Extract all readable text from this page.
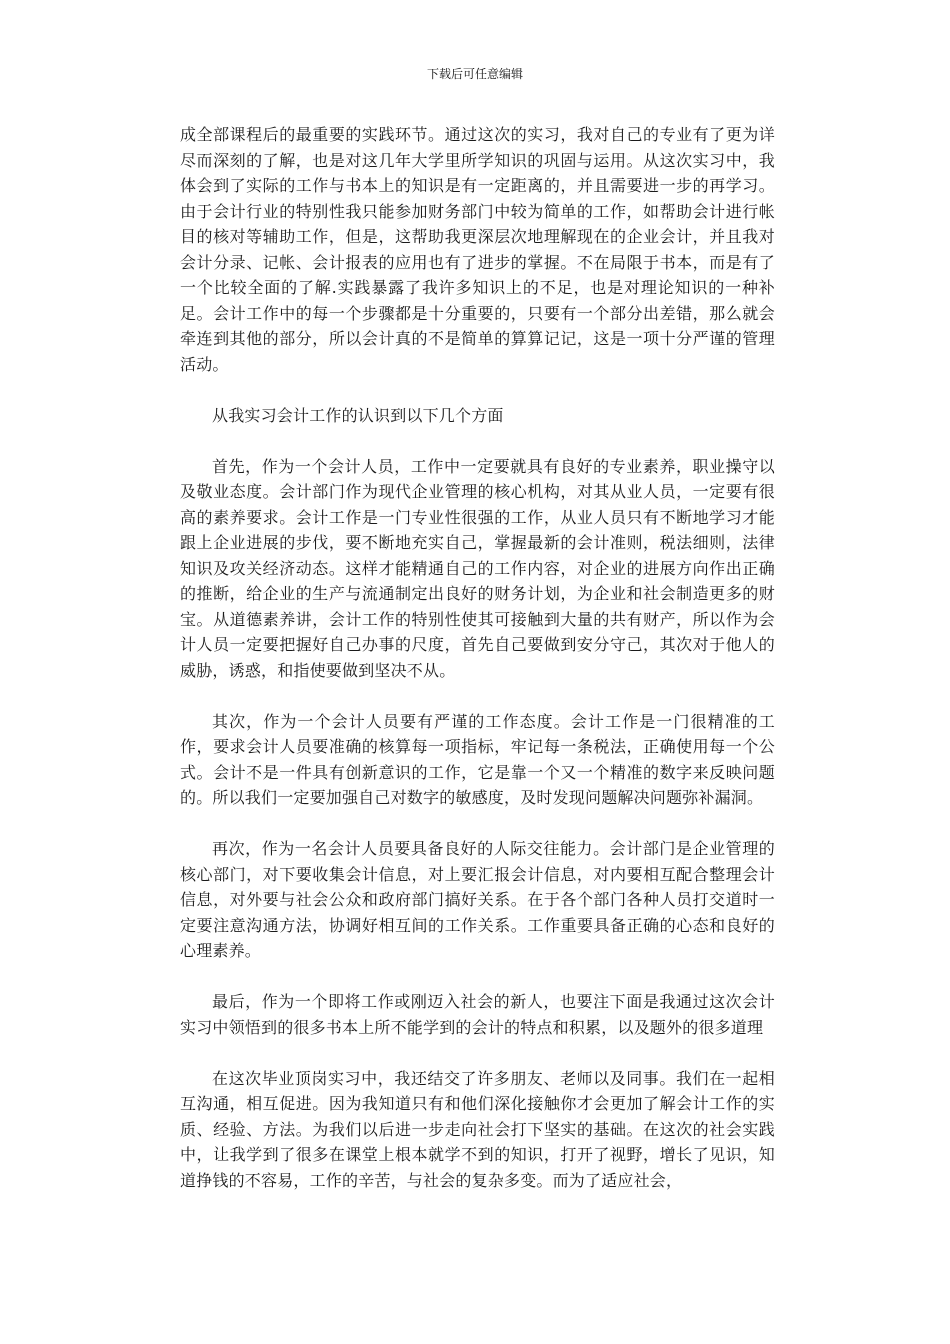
下载后可任意编辑

成全部课程后的最重要的实践环节。通过这次的实习，我对自己的专业有了更为详尽而深刻的了解，也是对这几年大学里所学知识的巩固与运用。从这次实习中，我体会到了实际的工作与书本上的知识是有一定距离的，并且需要进一步的再学习。由于会计行业的特别性我只能参加财务部门中较为简单的工作，如帮助会计进行帐目的核对等辅助工作，但是，这帮助我更深层次地理解现在的企业会计，并且我对会计分录、记帐、会计报表的应用也有了进步的掌握。不在局限于书本，而是有了一个比较全面的了解.实践暴露了我许多知识上的不足，也是对理论知识的一种补足。会计工作中的每一个步骤都是十分重要的，只要有一个部分出差错，那么就会牵连到其他的部分，所以会计真的不是简单的算算记记，这是一项十分严谨的管理活动。

从我实习会计工作的认识到以下几个方面

首先，作为一个会计人员，工作中一定要就具有良好的专业素养，职业操守以及敬业态度。会计部门作为现代企业管理的核心机构，对其从业人员，一定要有很高的素养要求。会计工作是一门专业性很强的工作，从业人员只有不断地学习才能跟上企业进展的步伐，要不断地充实自己，掌握最新的会计准则，税法细则，法律知识及攻关经济动态。这样才能精通自己的工作内容，对企业的进展方向作出正确的推断，给企业的生产与流通制定出良好的财务计划，为企业和社会制造更多的财宝。从道德素养讲，会计工作的特别性使其可接触到大量的共有财产，所以作为会计人员一定要把握好自己办事的尺度，首先自己要做到安分守己，其次对于他人的威胁，诱惑，和指使要做到坚决不从。

其次，作为一个会计人员要有严谨的工作态度。会计工作是一门很精准的工作，要求会计人员要准确的核算每一项指标，牢记每一条税法，正确使用每一个公式。会计不是一件具有创新意识的工作，它是靠一个又一个精准的数字来反映问题的。所以我们一定要加强自己对数字的敏感度，及时发现问题解决问题弥补漏洞。

再次，作为一名会计人员要具备良好的人际交往能力。会计部门是企业管理的核心部门，对下要收集会计信息，对上要汇报会计信息，对内要相互配合整理会计信息，对外要与社会公众和政府部门搞好关系。在于各个部门各种人员打交道时一定要注意沟通方法，协调好相互间的工作关系。工作重要具备正确的心态和良好的心理素养。

最后，作为一个即将工作或刚迈入社会的新人，也要注下面是我通过这次会计实习中领悟到的很多书本上所不能学到的会计的特点和积累，以及题外的很多道理

在这次毕业顶岗实习中，我还结交了许多朋友、老师以及同事。我们在一起相互沟通，相互促进。因为我知道只有和他们深化接触你才会更加了解会计工作的实质、经验、方法。为我们以后进一步走向社会打下坚实的基础。在这次的社会实践中，让我学到了很多在课堂上根本就学不到的知识，打开了视野，增长了见识，知道挣钱的不容易，工作的辛苦，与社会的复杂多变。而为了适应社会，
